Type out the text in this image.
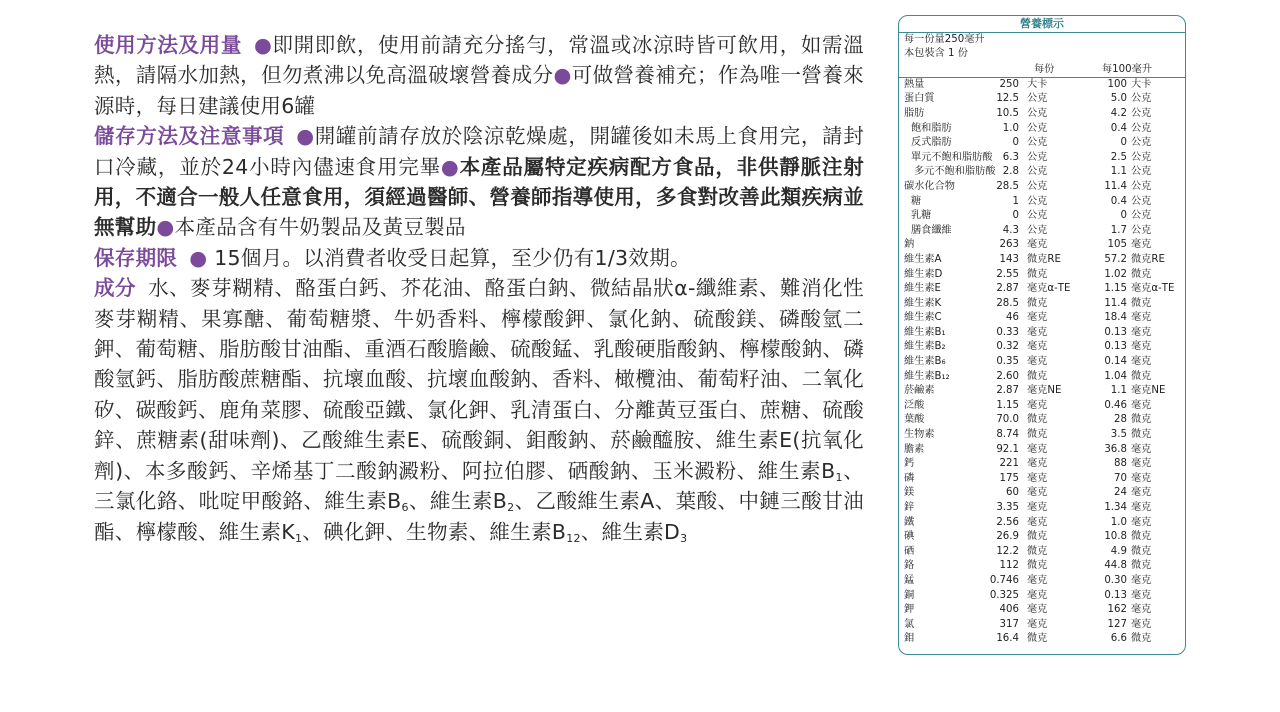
使用方法及用量 ●即開即飲，使用前請充分搖勻，常溫或冰涼時皆可飲用，如需溫熱，請隔水加熱，但勿煮沸以免高溫破壞營養成分●可做營養補充；作為唯一營養來源時，每日建議使用6罐

儲存方法及注意事項 ●開罐前請存放於陰涼乾燥處，開罐後如未馬上食用完，請封口冷藏，並於24小時內儘速食用完畢●本產品屬特定疾病配方食品，非供靜脈注射用，不適合一般人任意食用，須經過醫師、營養師指導使用，多食對改善此類疾病並無幫助●本產品含有牛奶製品及黃豆製品

保存期限 ● 15個月。以消費者收受日起算，至少仍有1/3效期。

成分 水、麥芽糊精、酪蛋白鈣、芥花油、酪蛋白鈉、微結晶狀α-纖維素、難消化性麥芽糊精、果寡醣、葡萄糖漿、牛奶香料、檸檬酸鉀、氯化鈉、硫酸鎂、磷酸氫二鉀、葡萄糖、脂肪酸甘油酯、重酒石酸膽鹼、硫酸錳、乳酸硬脂酸鈉、檸檬酸鈉、磷酸氫鈣、脂肪酸蔗糖酯、抗壞血酸、抗壞血酸鈉、香料、橄欖油、葡萄籽油、二氧化矽、碳酸鈣、鹿角菜膠、硫酸亞鐵、氯化鉀、乳清蛋白、分離黃豆蛋白、蔗糖、硫酸鋅、蔗糖素(甜味劑)、乙酸維生素E、硫酸銅、鉬酸鈉、菸鹼醯胺、維生素E(抗氧化劑)、本多酸鈣、辛烯基丁二酸鈉澱粉、阿拉伯膠、硒酸鈉、玉米澱粉、維生素$B_1$、三氯化鉻、吡啶甲酸鉻、維生素$B_6$、維生素$B_2$、乙酸維生素A、葉酸、中鏈三酸甘油酯、檸檬酸、維生素$K_1$、碘化鉀、生物素、維生素$B_{12}$、維生素$D_3$

營養標示
每一份量250毫升
本包裝含 1 份
每份	每100毫升
熱量	250 大卡	100 大卡
蛋白質	12.5 公克	5.0 公克
脂肪	10.5 公克	4.2 公克
飽和脂肪	1.0 公克	0.4 公克
反式脂肪	0 公克	0 公克
單元不飽和脂肪酸 6.3 公克	2.5 公克
多元不飽和脂肪酸 2.8 公克	1.1 公克
碳水化合物	28.5 公克	11.4 公克
糖	1 公克	0.4 公克
乳糖	0 公克	0 公克
膳食纖維	4.3 公克	1.7 公克
鈉	263 毫克	105 毫克
維生素A	143 微克RE	57.2 微克RE
維生素D	2.55 微克	1.02 微克
維生素E	2.87 毫克α-TE	1.15 毫克α-TE
維生素K	28.5 微克	11.4 微克
維生素C	46 毫克	18.4 毫克
維生素B₁	0.33 毫克	0.13 毫克
維生素B₂	0.32 毫克	0.13 毫克
維生素B₆	0.35 毫克	0.14 毫克
維生素B₁₂	2.60 微克	1.04 微克
菸鹼素	2.87 毫克NE	1.1 毫克NE
泛酸	1.15 毫克	0.46 毫克
葉酸	70.0 微克	28 微克
生物素	8.74 微克	3.5 微克
膽素	92.1 毫克	36.8 毫克
鈣	221 毫克	88 毫克
磷	175 毫克	70 毫克
鎂	60 毫克	24 毫克
鋅	3.35 毫克	1.34 毫克
鐵	2.56 毫克	1.0 毫克
碘	26.9 微克	10.8 微克
硒	12.2 微克	4.9 微克
鉻	112 微克	44.8 微克
錳	0.746 毫克	0.30 毫克
銅	0.325 毫克	0.13 毫克
鉀	406 毫克	162 毫克
氯	317 毫克	127 毫克
鉬	16.4 微克	6.6 微克
